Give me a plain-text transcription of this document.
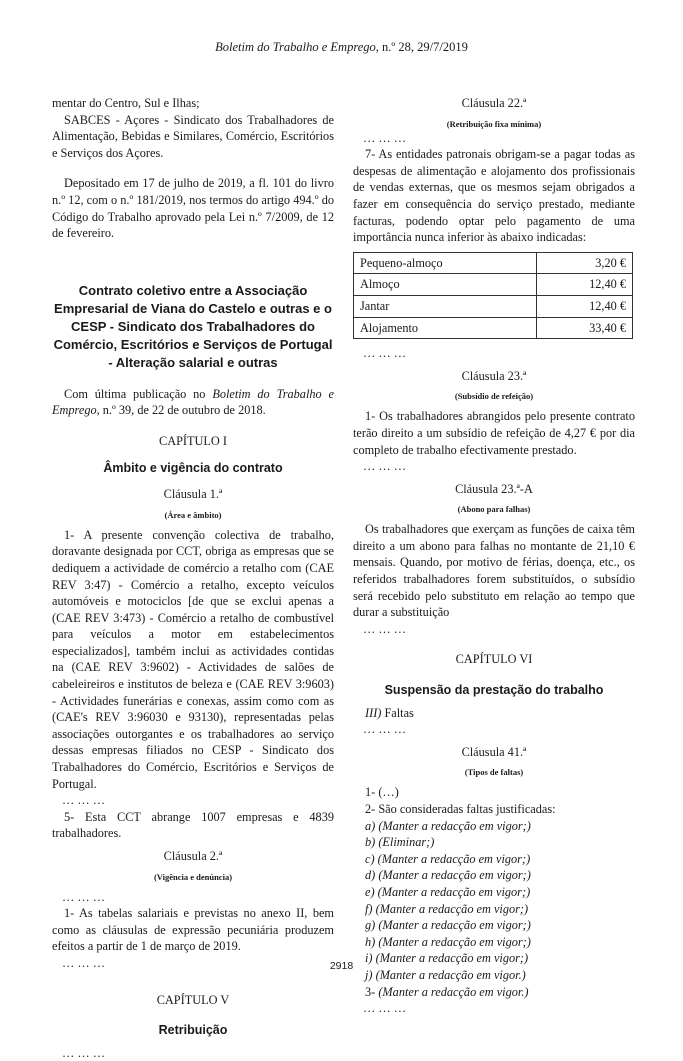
Boletim do Trabalho e Emprego, n.º 28, 29/7/2019

mentar do Centro, Sul e Ilhas;

SABCES - Açores - Sindicato dos Trabalhadores de Alimentação, Bebidas e Similares, Comércio, Escritórios e Serviços dos Açores.

Depositado em 17 de julho de 2019, a fl. 101 do livro n.º 12, com o n.º 181/2019, nos termos do artigo 494.º do Código do Trabalho aprovado pela Lei n.º 7/2009, de 12 de fevereiro.

Contrato coletivo entre a Associação Empresarial de Viana do Castelo e outras e o CESP - Sindicato dos Trabalhadores do Comércio, Escritórios e Serviços de Portugal - Alteração salarial e outras

Com última publicação no Boletim do Trabalho e Emprego, n.º 39, de 22 de outubro de 2018.

CAPÍTULO I

Âmbito e vigência do contrato

Cláusula 1.ª

(Área e âmbito)

1- A presente convenção colectiva de trabalho, doravante designada por CCT, obriga as empresas que se dediquem a actividade de comércio a retalho com (CAE REV 3:47) - Comércio a retalho, excepto veículos automóveis e motociclos [de que se exclui apenas a (CAE REV 3:473) - Comércio a retalho de combustível para veículos a motor em estabelecimentos especializados], também inclui as actividades contidas na (CAE REV 3:9602) - Actividades de salões de cabeleireiros e institutos de beleza e (CAE REV 3:9603) - Actividades funerárias e conexas, assim como com as (CAE's REV 3:96030 e 93130), representadas pelas associações outorgantes e os trabalhadores ao serviço dessas empresas filiados no CESP - Sindicato dos Trabalhadores do Comércio, Escritórios e Serviços de Portugal.

… … …

5- Esta CCT abrange 1007 empresas e 4839 trabalhadores.

Cláusula 2.ª

(Vigência e denúncia)

… … …

1- As tabelas salariais e previstas no anexo II, bem como as cláusulas de expressão pecuniária produzem efeitos a partir de 1 de março de 2019.

… … …

CAPÍTULO V

Retribuição

… … …

Cláusula 22.ª

(Retribuição fixa mínima)

… … …

7- As entidades patronais obrigam-se a pagar todas as despesas de alimentação e alojamento dos profissionais de vendas externas, que os mesmos sejam obrigados a fazer em consequência do serviço prestado, mediante facturas, podendo optar pelo pagamento de uma importância nunca inferior às abaixo indicadas:

Pequeno-almoço	3,20 €
Almoço	12,40 €
Jantar	12,40 €
Alojamento	33,40 €

… … …

Cláusula 23.ª

(Subsídio de refeição)

1- Os trabalhadores abrangidos pelo presente contrato terão direito a um subsídio de refeição de 4,27 € por dia completo de trabalho efectivamente prestado.

… … …

Cláusula 23.ª-A

(Abono para falhas)

Os trabalhadores que exerçam as funções de caixa têm direito a um abono para falhas no montante de 21,10 € mensais. Quando, por motivo de férias, doença, etc., os referidos trabalhadores forem substituídos, o subsídio será recebido pelo substituto em relação ao tempo que durar a substituição

… … …

CAPÍTULO VI

Suspensão da prestação do trabalho

III) Faltas

… … …

Cláusula 41.ª

(Tipos de faltas)

1- (…)

2- São consideradas faltas justificadas:

a) (Manter a redacção em vigor;)

b) (Eliminar;)

c) (Manter a redacção em vigor;)

d) (Manter a redacção em vigor;)

e) (Manter a redacção em vigor;)

f) (Manter a redacção em vigor;)

g) (Manter a redacção em vigor;)

h) (Manter a redacção em vigor;)

i) (Manter a redacção em vigor;)

j) (Manter a redacção em vigor.)

3- (Manter a redacção em vigor.)

… … …

2918
